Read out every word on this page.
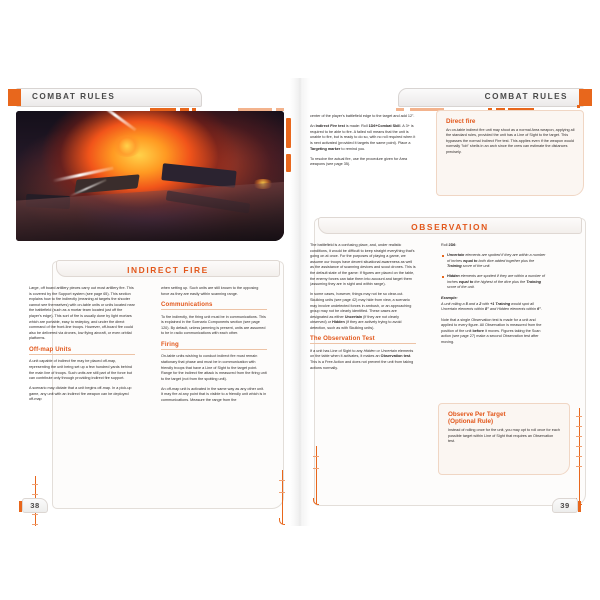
COMBAT RULES
INDIRECT FIRE

Large, off board artillery pieces carry out most artillery fire. This is covered by the Support system (see page 65). This section explains how to fire indirectly (meaning at targets the shooter cannot see themselves) with on-table units or units located near the battlefield (such as a mortar team located just off the player's edge). This sort of fire is usually done by light mortars which are portable, easy to redeploy, and under the direct command of the front-line troops. However, off-board fire could also be delivered via drones, low flying aircraft, or even orbital platforms.

Off-map Units

A unit capable of indirect fire may be placed off-map, representing the unit being set up a few hundred yards behind the main line of troops. Such units are still part of the force but can contribute only through providing indirect fire support.

A scenario may dictate that a unit begins off-map. In a pick-up game, any unit with an indirect fire weapon can be deployed off-map

when setting up. Such units are still known to the opposing force as they are easily within scanning range.

Communications

To fire indirectly, the firing unit must be in communications. This is explained in the Scenario Components section (see page 120). By default, unless jamming is present, units are assumed to be in radio communications with each other.

Firing

On-table units wishing to conduct indirect fire must remain stationary that phase and must be in communication with friendly troops that have a Line of Sight to the target point. Range for the indirect fire attack is measured from the firing unit to the target (not from the spotting unit).

An off-map unit is activated in the same way as any other unit. It may fire at any point that is visible to a friendly unit which is in communications. Measure the range from the

COMBAT RULES

center of the player's battlefield edge to the target and add 12".

An Indirect Fire test is made: Roll 1D6+Combat Skill. A 3+ is required to be able to fire. A failed roll means that the unit is unable to fire, but is ready to do so, with no roll required when it is next activated (provided it targets the same point). Place a Targeting marker to remind you.

To resolve the actual fire, use the procedure given for Area weapons (see page 35).

Direct fire

An on-table indirect fire unit may shoot as a normal Area weapon, applying all the standard rules, provided the unit has a Line of Sight to the target. This bypasses the normal Indirect Fire test. This applies even if the weapon would normally "lob" shells in an arch since the crew can estimate the distances precisely.

OBSERVATION

The battlefield is a confusing place, and, under realistic conditions, it would be difficult to keep straight everything that's going on at once. For the purposes of playing a game, we assume our troops have decent situational awareness as well as the assistance of scanning devices and scout drones. This is the default state of the game: If figures are placed on the table, the enemy forces can take them into account and target them (assuming they are in sight and within range).

In some cases, however, things may not be so clear-cut. Skulking units (see page 42) may hide from view, a scenario may involve undetected forces in ambush, or an approaching group may not be clearly identified. These cases are designated as either Uncertain (if they are not clearly observed) or Hidden (if they are actively trying to avoid detection, such as with Skulking units).

The Observation Test

If a unit has Line of Sight to any Hidden or Uncertain elements on the table when it activates, it makes an Observation test. This is a Free Action and does not prevent the unit from taking actions normally.

Roll 2D6:

Uncertain elements are spotted if they are within a number of inches equal to both dice added together plus the Training score of the unit.
Hidden elements are spotted if they are within a number of inches equal to the highest of the dice plus the Training score of the unit.

Example:

A unit rolling a 5 and a 2 with +1 Training would spot all Uncertain elements within 8" and Hidden elements within 6".

Note that a single Observation test is made for a unit and applied to every figure. All Observation is measured from the position of the unit before it moves. Figures taking the Scan action (see page 27) make a second Observation test after moving.

Observe Per Target
(Optional Rule)

Instead of rolling once for the unit, you may opt to roll once for each possible target within Line of Sight that requires an Observation test.

38	39
